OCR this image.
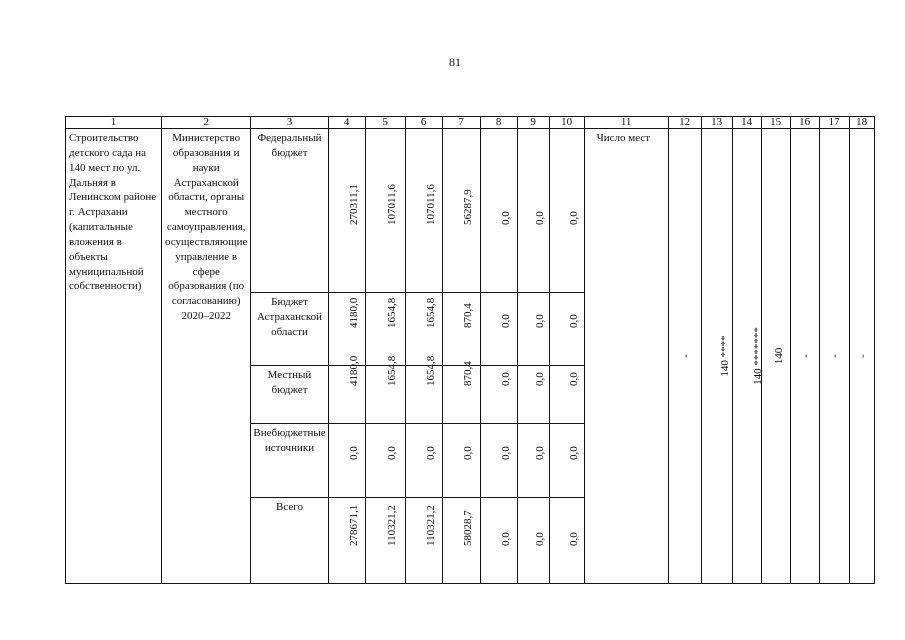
81
1	2	3	4	5	6	7	8	9	10	11	12	13	14	15	16	17	18
Строительство детского сада на 140 мест по ул. Дальняя в Ленинском районе г. Астрахани (капитальные вложения в объекты муниципальной собственности)	Министерство образования и науки Астраханской области, органы местного самоуправления, осуществляющие управление в сфере образования (по согласованию) 2020–2022	Федеральный бюджет	270311,1	107011,6	107011,6	56287,9	0,0	0,0	0,0	Число мест	-	140 ****	140 *******	140	-	-	-

		Бюджет Астраханской области	4180,0	1654,8	1654,8	870,4	0,0	0,0	0,0								

		Местный бюджет	4180,0	1654,8	1654,8	870,4	0,0	0,0	0,0								

		Внебюджетные источники	0,0	0,0	0,0	0,0	0,0	0,0	0,0								

		Всего	278671,1	110321,2	110321,2	58028,7	0,0	0,0	0,0								
